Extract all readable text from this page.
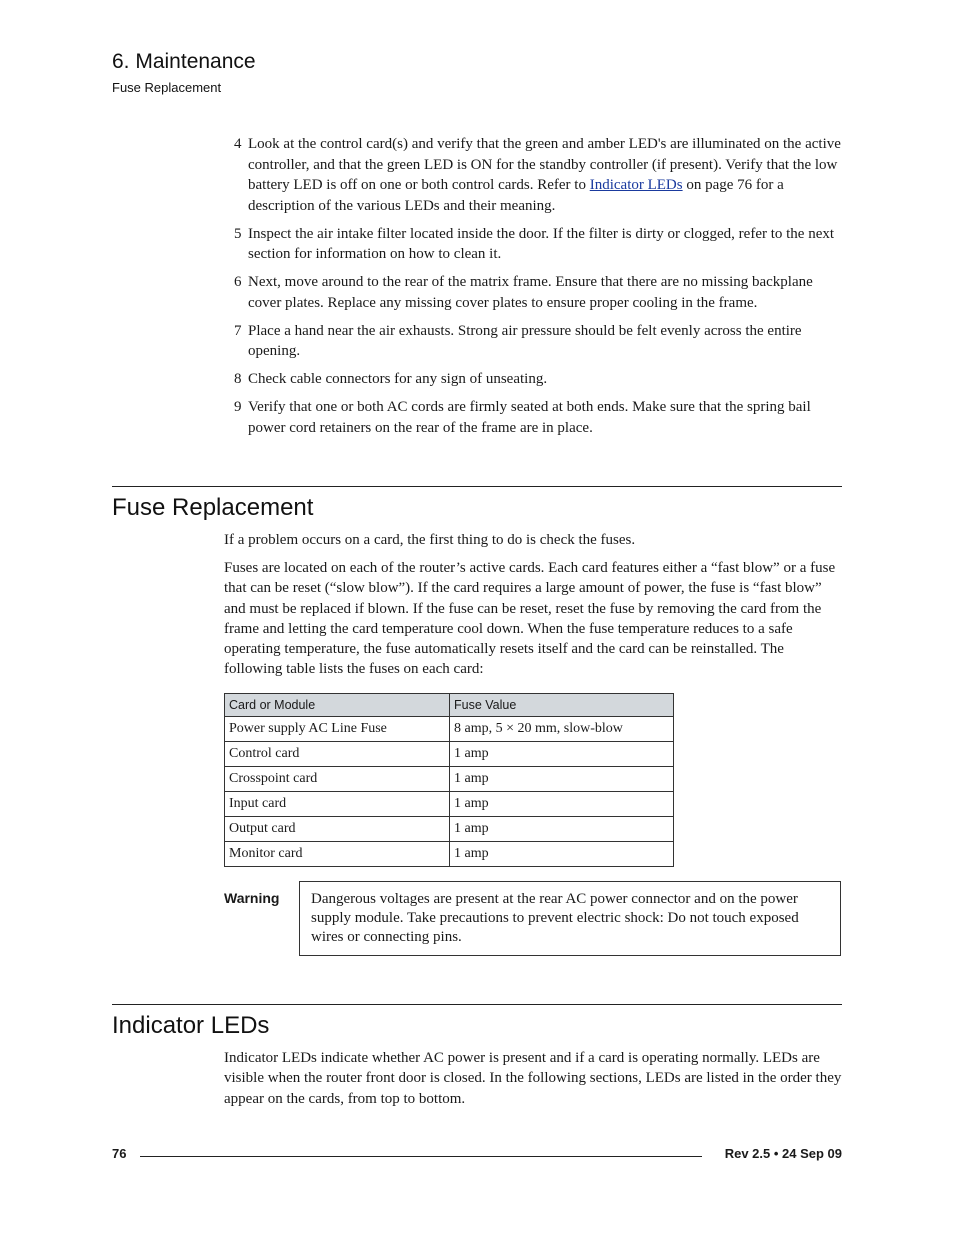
6. Maintenance
Fuse Replacement
4 Look at the control card(s) and verify that the green and amber LED's are illuminated on the active controller, and that the green LED is ON for the standby controller (if present). Verify that the low battery LED is off on one or both control cards. Refer to Indicator LEDs on page 76 for a description of the various LEDs and their meaning.
5 Inspect the air intake filter located inside the door. If the filter is dirty or clogged, refer to the next section for information on how to clean it.
6 Next, move around to the rear of the matrix frame. Ensure that there are no missing backplane cover plates. Replace any missing cover plates to ensure proper cooling in the frame.
7 Place a hand near the air exhausts. Strong air pressure should be felt evenly across the entire opening.
8 Check cable connectors for any sign of unseating.
9 Verify that one or both AC cords are firmly seated at both ends. Make sure that the spring bail power cord retainers on the rear of the frame are in place.
Fuse Replacement

If a problem occurs on a card, the first thing to do is check the fuses.

Fuses are located on each of the router’s active cards. Each card features either a “fast blow” or a fuse that can be reset (“slow blow”). If the card requires a large amount of power, the fuse is “fast blow” and must be replaced if blown. If the fuse can be reset, reset the fuse by removing the card from the frame and letting the card temperature cool down. When the fuse temperature reduces to a safe operating temperature, the fuse automatically resets itself and the card can be reinstalled. The following table lists the fuses on each card:

Card or Module	Fuse Value
Power supply AC Line Fuse	8 amp, 5 × 20 mm, slow-blow
Control card	1 amp
Crosspoint card	1 amp
Input card	1 amp
Output card	1 amp
Monitor card	1 amp
Warning	Dangerous voltages are present at the rear AC power connector and on the power supply module. Take precautions to prevent electric shock: Do not touch exposed wires or connecting pins.
Indicator LEDs

Indicator LEDs indicate whether AC power is present and if a card is operating normally. LEDs are visible when the router front door is closed. In the following sections, LEDs are listed in the order they appear on the cards, from top to bottom.

76	Rev 2.5 • 24 Sep 09
